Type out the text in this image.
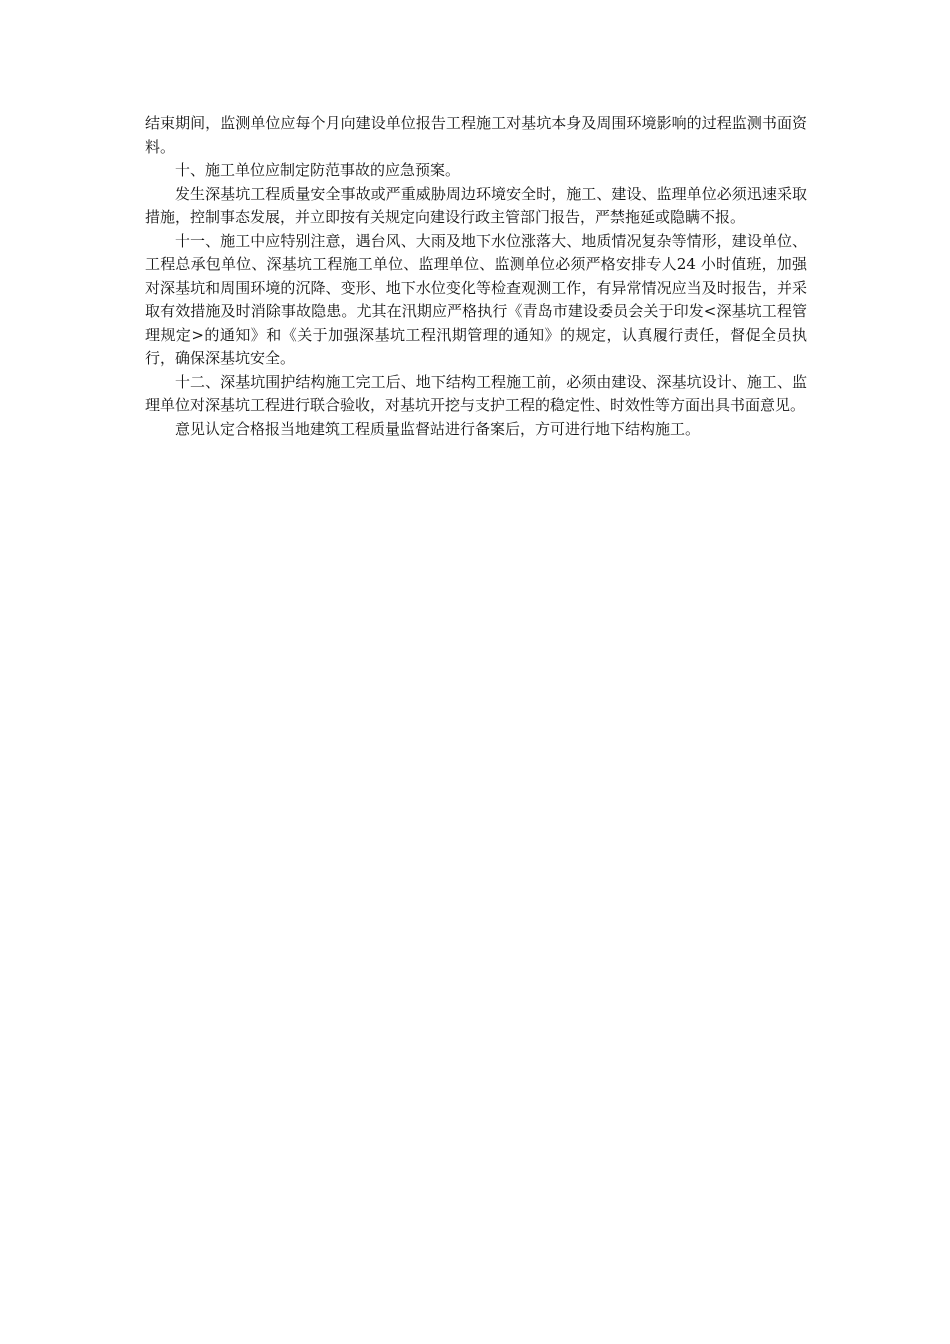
结束期间，监测单位应每个月向建设单位报告工程施工对基坑本身及周围环境影响的过程监测书面资料。

十、施工单位应制定防范事故的应急预案。

发生深基坑工程质量安全事故或严重威胁周边环境安全时，施工、建设、监理单位必须迅速采取措施，控制事态发展，并立即按有关规定向建设行政主管部门报告，严禁拖延或隐瞒不报。

十一、施工中应特别注意，遇台风、大雨及地下水位涨落大、地质情况复杂等情形，建设单位、工程总承包单位、深基坑工程施工单位、监理单位、监测单位必须严格安排专人24 小时值班，加强对深基坑和周围环境的沉降、变形、地下水位变化等检查观测工作，有异常情况应当及时报告，并采取有效措施及时消除事故隐患。尤其在汛期应严格执行《青岛市建设委员会关于印发<深基坑工程管理规定>的通知》和《关于加强深基坑工程汛期管理的通知》的规定，认真履行责任，督促全员执行，确保深基坑安全。

十二、深基坑围护结构施工完工后、地下结构工程施工前，必须由建设、深基坑设计、施工、监理单位对深基坑工程进行联合验收，对基坑开挖与支护工程的稳定性、时效性等方面出具书面意见。

意见认定合格报当地建筑工程质量监督站进行备案后，方可进行地下结构施工。
